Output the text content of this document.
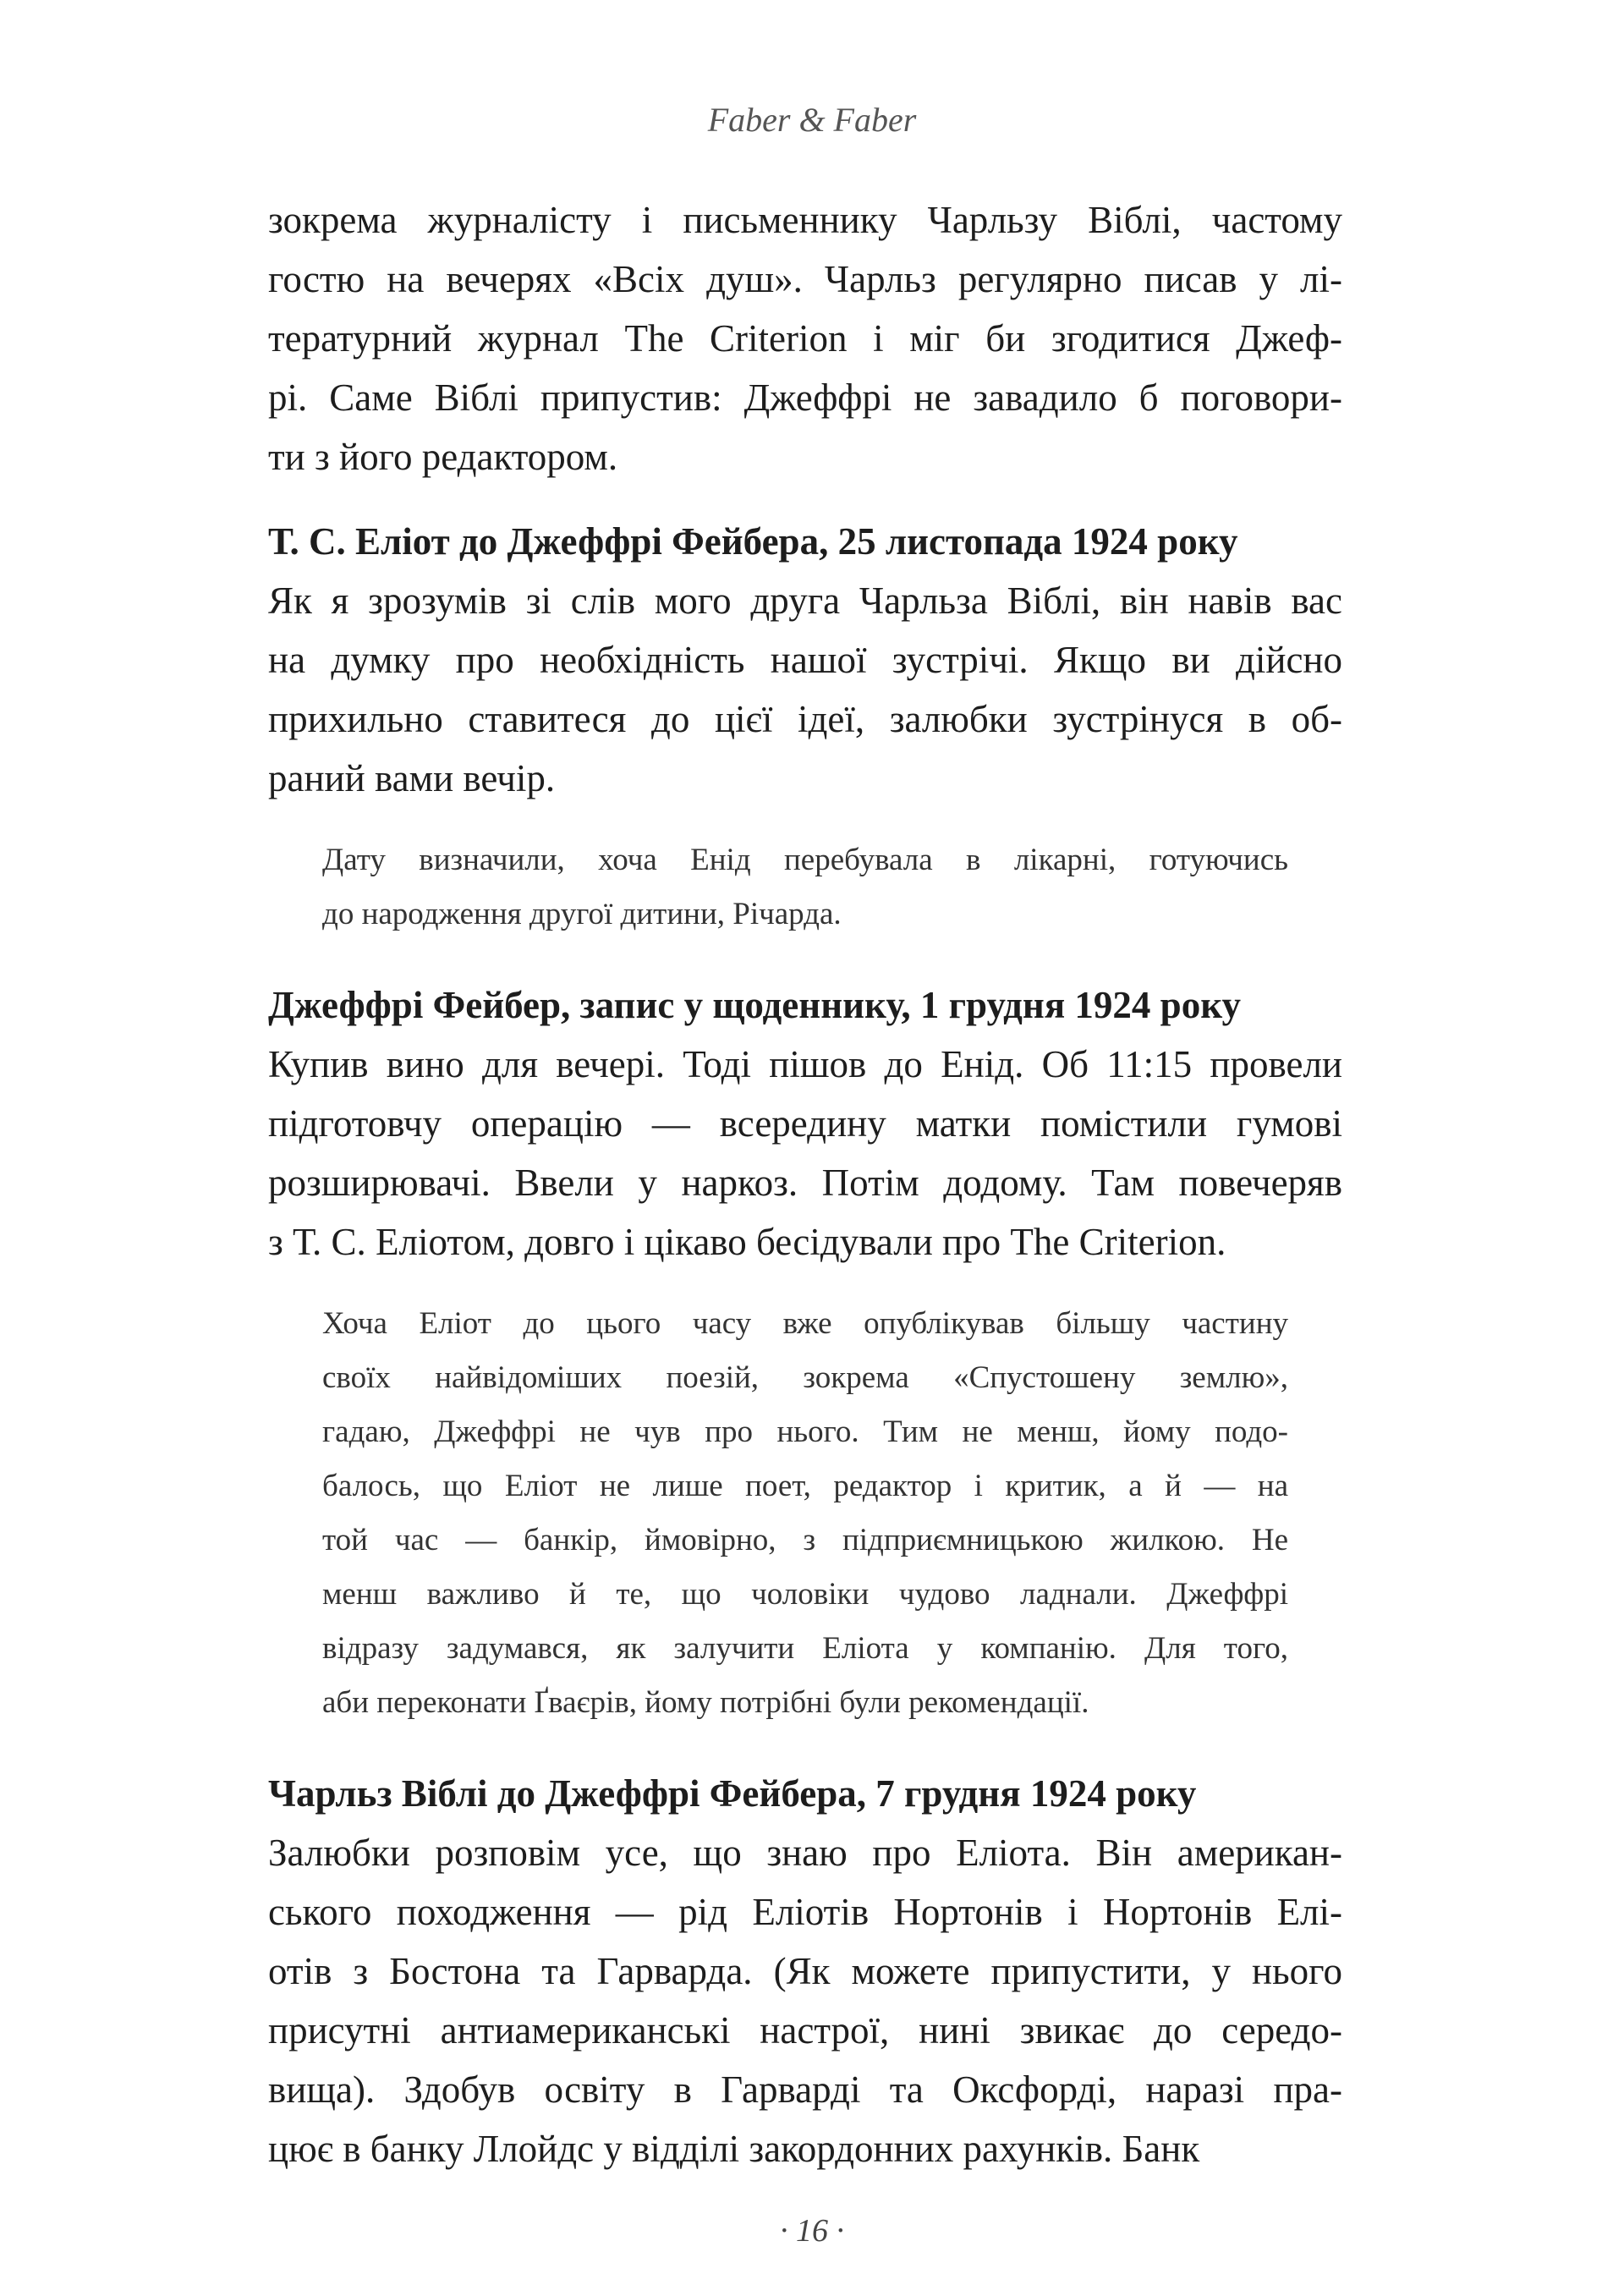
Faber & Faber
зокрема журналісту і письменнику Чарльзу Віблі, частому
гостю на вечерях «Всіх душ». Чарльз регулярно писав у лі-
тературний журнал The Criterion і міг би згодитися Джеф-
рі. Саме Віблі припустив: Джеффрі не завадило б поговори-
ти з його редактором.
Т. С. Еліот до Джеффрі Фейбера, 25 листопада 1924 року
Як я зрозумів зі слів мого друга Чарльза Віблі, він навів вас
на думку про необхідність нашої зустрічі. Якщо ви дійсно
прихильно ставитеся до цієї ідеї, залюбки зустрінуся в об-
раний вами вечір.
Дату визначили, хоча Енід перебувала в лікарні, готуючись
до народження другої дитини, Річарда.
Джеффрі Фейбер, запис у щоденнику, 1 грудня 1924 року
Купив вино для вечері. Тоді пішов до Енід. Об 11:15 провели
підготовчу операцію — всередину матки помістили гумові
розширювачі. Ввели у наркоз. Потім додому. Там повечеряв
з Т. С. Еліотом, довго і цікаво бесідували про The Criterion.
Хоча Еліот до цього часу вже опублікував більшу частину
своїх найвідоміших поезій, зокрема «Спустошену землю»,
гадаю, Джеффрі не чув про нього. Тим не менш, йому подо-
балось, що Еліот не лише поет, редактор і критик, а й — на
той час — банкір, ймовірно, з підприємницькою жилкою. Не
менш важливо й те, що чоловіки чудово ладнали. Джеффрі
відразу задумався, як залучити Еліота у компанію. Для того,
аби переконати Ґваєрів, йому потрібні були рекомендації.
Чарльз Віблі до Джеффрі Фейбера, 7 грудня 1924 року
Залюбки розповім усе, що знаю про Еліота. Він американ-
ського походження — рід Еліотів Нортонів і Нортонів Елі-
отів з Бостона та Гарварда. (Як можете припустити, у нього
присутні антиамериканські настрої, нині звикає до середо-
вища). Здобув освіту в Гарварді та Оксфорді, наразі пра-
цює в банку Ллойдс у відділі закордонних рахунків. Банк
· 16 ·
